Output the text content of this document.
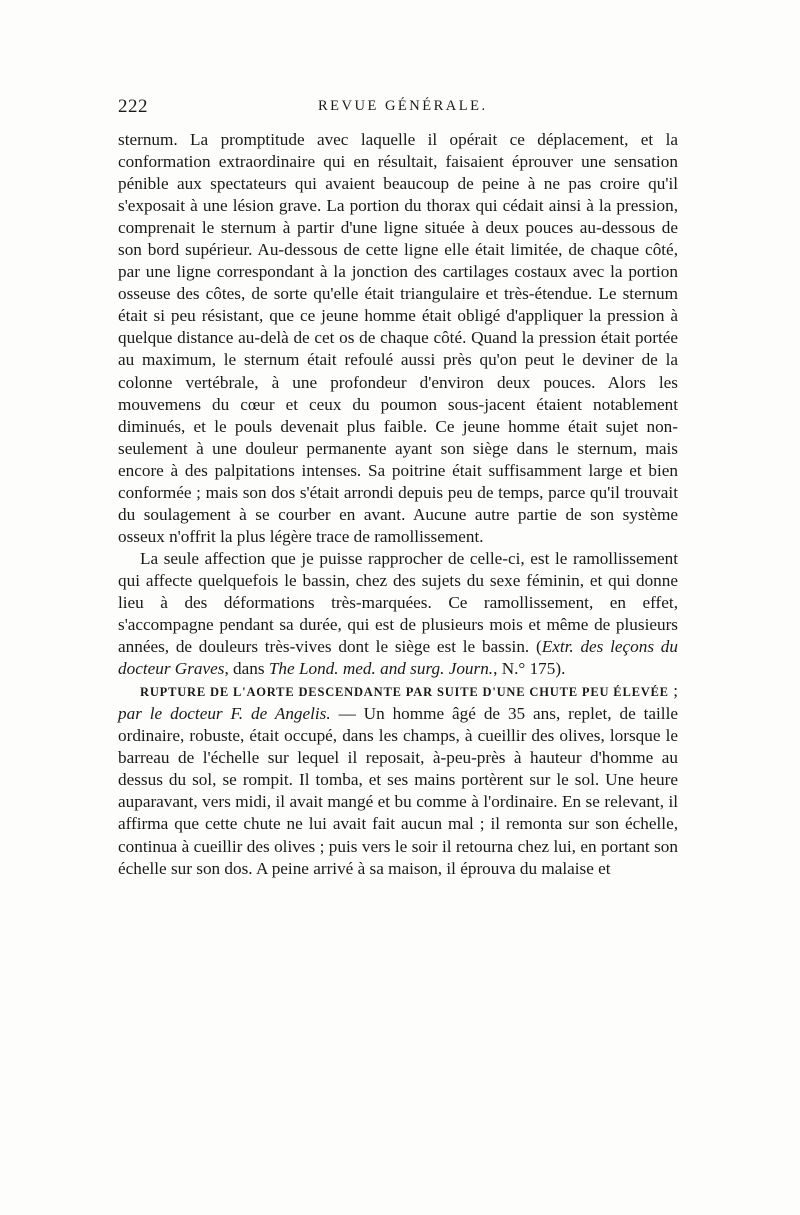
222	REVUE GÉNÉRALE.

sternum. La promptitude avec laquelle il opérait ce déplacement, et la conformation extraordinaire qui en résultait, faisaient éprouver une sensation pénible aux spectateurs qui avaient beaucoup de peine à ne pas croire qu'il s'exposait à une lésion grave. La portion du thorax qui cédait ainsi à la pression, comprenait le sternum à partir d'une ligne située à deux pouces au-dessous de son bord supérieur. Au-dessous de cette ligne elle était limitée, de chaque côté, par une ligne correspondant à la jonction des cartilages costaux avec la portion osseuse des côtes, de sorte qu'elle était triangulaire et très-étendue. Le sternum était si peu résistant, que ce jeune homme était obligé d'appliquer la pression à quelque distance au-delà de cet os de chaque côté. Quand la pression était portée au maximum, le sternum était refoulé aussi près qu'on peut le deviner de la colonne vertébrale, à une profondeur d'environ deux pouces. Alors les mouvemens du cœur et ceux du poumon sous-jacent étaient notablement diminués, et le pouls devenait plus faible. Ce jeune homme était sujet non-seulement à une douleur permanente ayant son siège dans le sternum, mais encore à des palpitations intenses. Sa poitrine était suffisamment large et bien conformée ; mais son dos s'était arrondi depuis peu de temps, parce qu'il trouvait du soulagement à se courber en avant. Aucune autre partie de son système osseux n'offrit la plus légère trace de ramollissement.

La seule affection que je puisse rapprocher de celle-ci, est le ramollissement qui affecte quelquefois le bassin, chez des sujets du sexe féminin, et qui donne lieu à des déformations très-marquées. Ce ramollissement, en effet, s'accompagne pendant sa durée, qui est de plusieurs mois et même de plusieurs années, de douleurs très-vives dont le siège est le bassin. (Extr. des leçons du docteur Graves, dans The Lond. med. and surg. Journ., N.° 175).

RUPTURE DE L'AORTE DESCENDANTE PAR SUITE D'UNE CHUTE PEU ÉLEVÉE ; par le docteur F. de Angelis. — Un homme âgé de 35 ans, replet, de taille ordinaire, robuste, était occupé, dans les champs, à cueillir des olives, lorsque le barreau de l'échelle sur lequel il reposait, à-peu-près à hauteur d'homme au dessus du sol, se rompit. Il tomba, et ses mains portèrent sur le sol. Une heure auparavant, vers midi, il avait mangé et bu comme à l'ordinaire. En se relevant, il affirma que cette chute ne lui avait fait aucun mal ; il remonta sur son échelle, continua à cueillir des olives ; puis vers le soir il retourna chez lui, en portant son échelle sur son dos. A peine arrivé à sa maison, il éprouva du malaise et
